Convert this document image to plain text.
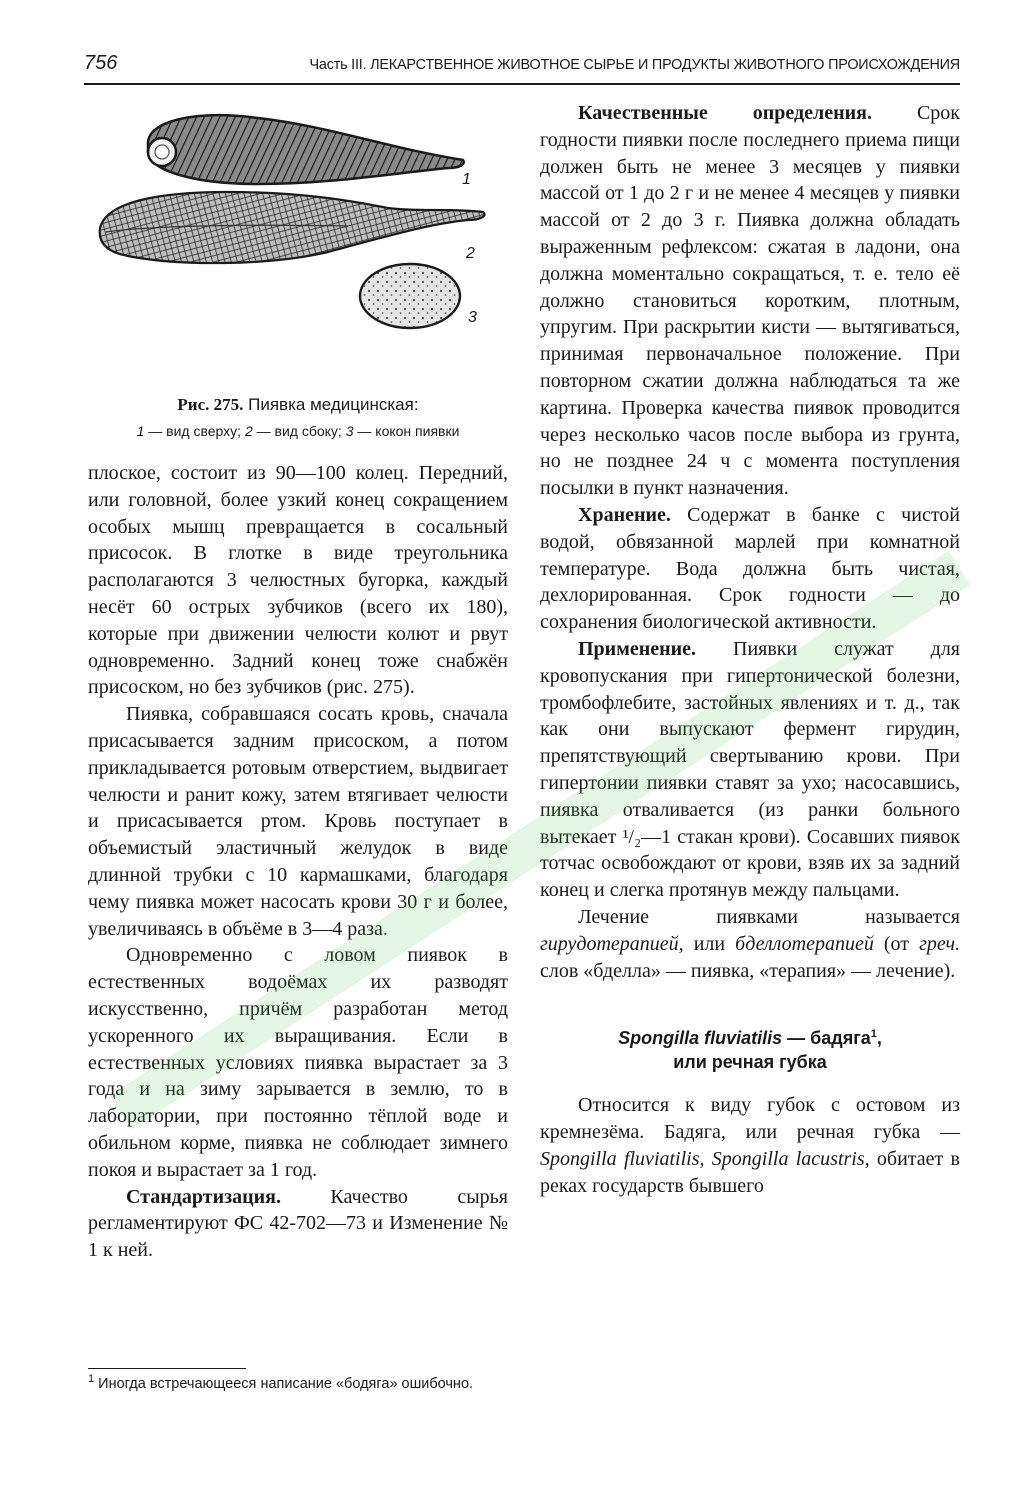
756	Часть III. ЛЕКАРСТВЕННОЕ ЖИВОТНОЕ СЫРЬЕ И ПРОДУКТЫ ЖИВОТНОГО ПРОИСХОЖДЕНИЯ
1
2
3
Рис. 275. Пиявка медицинская:
1 — вид сверху; 2 — вид сбоку; 3 — кокон пиявки

плоское, состоит из 90—100 колец. Передний, или головной, более узкий конец сокращением особых мышц превращается в сосальный присосок. В глотке в виде треугольника располагаются 3 челюстных бугорка, каждый несёт 60 острых зубчиков (всего их 180), которые при движении челюсти колют и рвут одновременно. Задний конец тоже снабжён присоском, но без зубчиков (рис. 275).

Пиявка, собравшаяся сосать кровь, сначала присасывается задним присоском, а потом прикладывается ротовым отверстием, выдвигает челюсти и ранит кожу, затем втягивает челюсти и присасывается ртом. Кровь поступает в объемистый эластичный желудок в виде длинной трубки с 10 кармашками, благодаря чему пиявка может насосать крови 30 г и более, увеличиваясь в объёме в 3—4 раза.

Одновременно с ловом пиявок в естественных водоёмах их разводят искусственно, причём разработан метод ускоренного их выращивания. Если в естественных условиях пиявка вырастает за 3 года и на зиму зарывается в землю, то в лаборатории, при постоянно тёплой воде и обильном корме, пиявка не соблюдает зимнего покоя и вырастает за 1 год.

Стандартизация. Качество сырья регламентируют ФС 42-702—73 и Изменение № 1 к ней.

Качественные определения. Срок годности пиявки после последнего приема пищи должен быть не менее 3 месяцев у пиявки массой от 1 до 2 г и не менее 4 месяцев у пиявки массой от 2 до 3 г. Пиявка должна обладать выраженным рефлексом: сжатая в ладони, она должна моментально сокращаться, т. е. тело её должно становиться коротким, плотным, упругим. При раскрытии кисти — вытягиваться, принимая первоначальное положение. При повторном сжатии должна наблюдаться та же картина. Проверка качества пиявок проводится через несколько часов после выбора из грунта, но не позднее 24 ч с момента поступления посылки в пункт назначения.

Хранение. Содержат в банке с чистой водой, обвязанной марлей при комнатной температуре. Вода должна быть чистая, дехлорированная. Срок годности — до сохранения биологической активности.

Применение. Пиявки служат для кровопускания при гипертонической болезни, тромбофлебите, застойных явлениях и т. д., так как они выпускают фермент гирудин, препятствующий свертыванию крови. При гипертонии пиявки ставят за ухо; насосавшись, пиявка отваливается (из ранки больного вытекает ¹/₂—1 стакан крови). Сосавших пиявок тотчас освобождают от крови, взяв их за задний конец и слегка протянув между пальцами.

Лечение пиявками называется гирудотерапией, или бделлотерапией (от греч. слов «бделла» — пиявка, «терапия» — лечение).

Spongilla fluviatilis — бадяга$^1$,
или речная губка

Относится к виду губок с остовом из кремнезёма. Бадяга, или речная губка — Spongilla fluviatilis, Spongilla lacustris, обитает в реках государств бывшего

$^1$ Иногда встречающееся написание «бодяга» ошибочно.
